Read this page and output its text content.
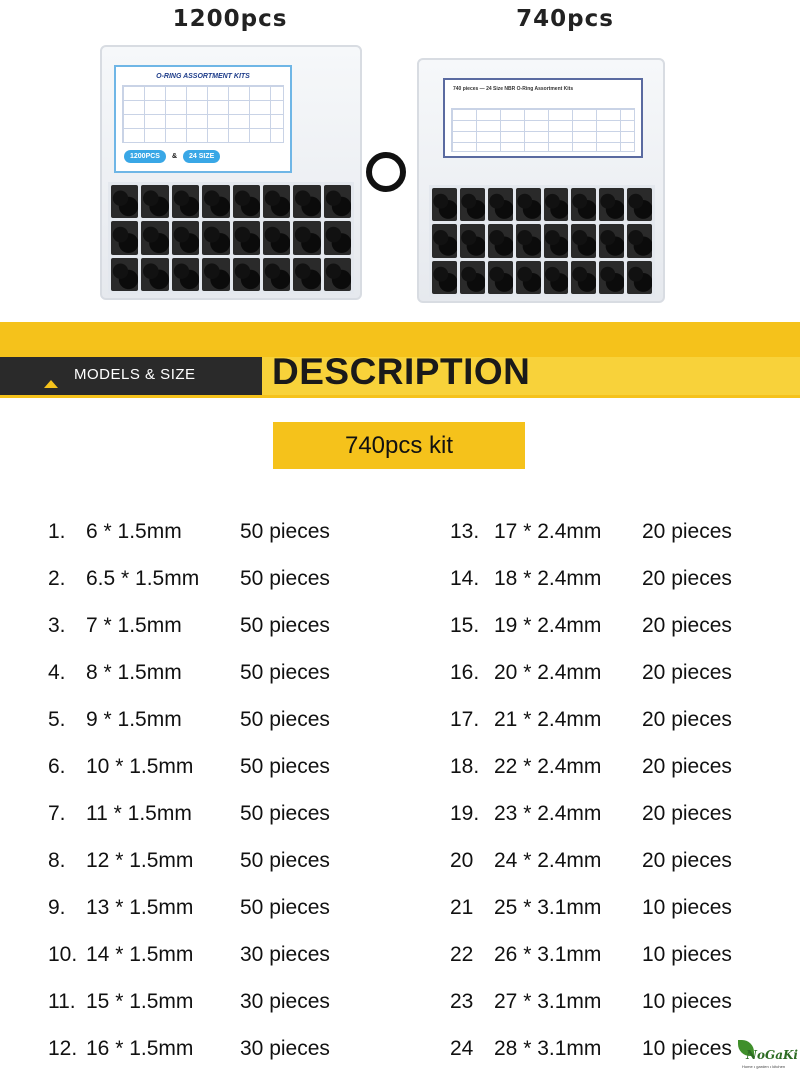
1200pcs
O-RING ASSORTMENT KITS
1200PCS	&	24 SIZE
740pcs
740 pieces — 24 Size NBR O-Ring Assortment Kits
MODELS & SIZE DESCRIPTION
740pcs kit
1. 6 * 1.5mm	50 pieces
2. 6.5 * 1.5mm 50 pieces
3. 7 * 1.5mm	50 pieces
4. 8 * 1.5mm	50 pieces
5. 9 * 1.5mm	50 pieces
6. 10 * 1.5mm 50 pieces
7. 11 * 1.5mm 50 pieces
8. 12 * 1.5mm 50 pieces
9. 13 * 1.5mm 50 pieces
10. 14 * 1.5mm 30 pieces
11. 15 * 1.5mm 30 pieces
12. 16 * 1.5mm 30 pieces
13. 17 * 2.4mm 20 pieces
14. 18 * 2.4mm 20 pieces
15. 19 * 2.4mm 20 pieces
16. 20 * 2.4mm 20 pieces
17. 21 * 2.4mm 20 pieces
18. 22 * 2.4mm 20 pieces
19. 23 * 2.4mm 20 pieces
20 24 * 2.4mm 20 pieces
21 25 * 3.1mm 10 pieces
22 26 * 3.1mm 10 pieces
23 27 * 3.1mm 10 pieces
24 28 * 3.1mm 10 pieces NoGaKi
Home • garden • kitchen
